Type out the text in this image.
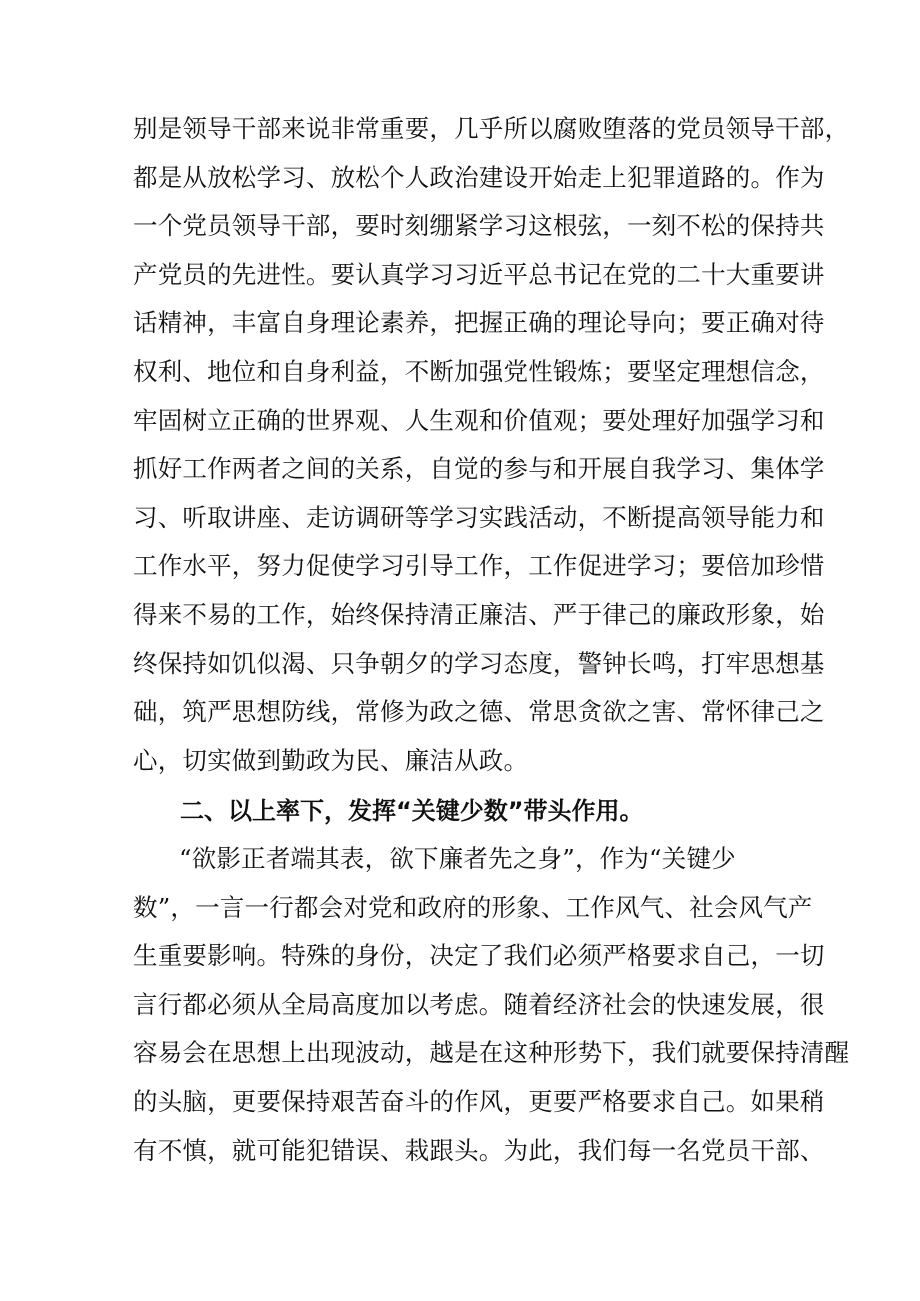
别是领导干部来说非常重要，几乎所以腐败堕落的党员领导干部，
都是从放松学习、放松个人政治建设开始走上犯罪道路的。作为
一个党员领导干部，要时刻绷紧学习这根弦，一刻不松的保持共
产党员的先进性。要认真学习习近平总书记在党的二十大重要讲
话精神，丰富自身理论素养，把握正确的理论导向；要正确对待
权利、地位和自身利益，不断加强党性锻炼；要坚定理想信念，
牢固树立正确的世界观、人生观和价值观；要处理好加强学习和
抓好工作两者之间的关系，自觉的参与和开展自我学习、集体学
习、听取讲座、走访调研等学习实践活动，不断提高领导能力和
工作水平，努力促使学习引导工作，工作促进学习；要倍加珍惜
得来不易的工作，始终保持清正廉洁、严于律己的廉政形象，始
终保持如饥似渴、只争朝夕的学习态度，警钟长鸣，打牢思想基
础，筑严思想防线，常修为政之德、常思贪欲之害、常怀律己之
心，切实做到勤政为民、廉洁从政。
二、以上率下，发挥“关键少数”带头作用。
“欲影正者端其表，欲下廉者先之身”，作为“关键少
数”，一言一行都会对党和政府的形象、工作风气、社会风气产
生重要影响。特殊的身份，决定了我们必须严格要求自己，一切
言行都必须从全局高度加以考虑。随着经济社会的快速发展，很
容易会在思想上出现波动，越是在这种形势下，我们就要保持清醒
的头脑，更要保持艰苦奋斗的作风，更要严格要求自己。如果稍
有不慎，就可能犯错误、栽跟头。为此，我们每一名党员干部、
